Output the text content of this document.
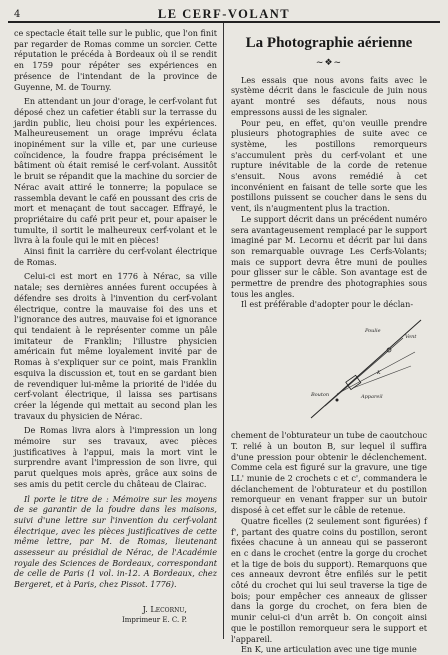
4	LE CERF-VOLANT

ce spectacle était telle sur le public, que l'on finit par regarder de Romas comme un sorcier. Cette réputation le précéda à Bordeaux où il se rendit en 1759 pour répéter ses expériences en présence de l'intendant de la province de Guyenne, M. de Tourny.

En attendant un jour d'orage, le cerf-volant fut déposé chez un cafetier établi sur la terrasse du jardin public, lieu choisi pour les expériences. Malheureusement un orage imprévu éclata inopinément sur la ville et, par une curieuse coïncidence, la foudre frappa précisément le bâtiment où était remisé le cerf-volant. Aussitôt le bruit se répandit que la machine du sorcier de Nérac avait attiré le tonnerre; la populace se rassembla devant le café en poussant des cris de mort et menaçant de tout saccager. Effrayé, le propriétaire du café prit peur et, pour apaiser le tumulte, il sortit le malheureux cerf-volant et le livra à la foule qui le mit en pièces!

Ainsi finit la carrière du cerf-volant électrique de Romas.

Celui-ci est mort en 1776 à Nérac, sa ville natale; ses dernières années furent occupées à défendre ses droits à l'invention du cerf-volant électrique, contre la mauvaise foi des uns et l'ignorance des autres, mauvaise foi et ignorance qui tendaient à le représenter comme un pâle imitateur de Franklin; l'illustre physicien américain fut même loyalement invité par de Romas à s'expliquer sur ce point, mais Franklin esquiva la discussion et, tout en se gardant bien de revendiquer lui-même la priorité de l'idée du cerf-volant électrique, il laissa ses partisans créer la légende qui mettait au second plan les travaux du physicien de Nérac.

De Romas livra alors à l'impression un long mémoire sur ses travaux, avec pièces justificatives à l'appui, mais la mort vint le surprendre avant l'impression de son livre, qui parut quelques mois après, grâce aux soins de ses amis du petit cercle du château de Clairac.

Il porte le titre de : Mémoire sur les moyens de se garantir de la foudre dans les maisons, suivi d'une lettre sur l'invention du cerf-volant électrique, avec les pièces justificatives de cette même lettre, par M. de Romas, lieutenant assesseur au présidial de Nérac, de l'Académie royale des Sciences de Bordeaux, correspondant de celle de Paris (1 vol. in-12. A Bordeaux, chez Bergeret, et à Paris, chez Pissot. 1776).

J. Lecornu,
Imprimeur E. C. P.
La Photographie aérienne
~❖~

Les essais que nous avons faits avec le système décrit dans le fascicule de juin nous ayant montré ses défauts, nous nous empressons aussi de les signaler.

Pour peu, en effet, qu'on veuille prendre plusieurs photographies de suite avec ce système, les postillons remorqueurs s'accumulent près du cerf-volant et une rupture inévitable de la corde de retenue s'ensuit. Nous avons remédié à cet inconvénient en faisant de telle sorte que les postillons puissent se coucher dans le sens du vent, ils n'augmentent plus la traction.

Le support décrit dans un précédent numéro sera avantageusement remplacé par le support imaginé par M. Lecornu et décrit par lui dans son remarquable ouvrage Les Cerfs-Volants; mais ce support devra être muni de poulies pour glisser sur le câble. Son avantage est de permettre de prendre des photographies sous tous les angles.

Il est préférable d'adopter pour le déclan-

Poulie
Vent
Bouton	Appareil
K

chement de l'obturateur un tube de caoutchouc T. relié à un bouton B, sur lequel il suffira d'une pression pour obtenir le déclenchement. Comme cela est figuré sur la gravure, une tige LL' munie de 2 crochets c et c', commandera le déclanchement de l'obturateur et du postillon remorqueur en venant frapper sur un butoir disposé à cet effet sur le câble de retenue.

Quatre ficelles (2 seulement sont figurées) f f', partant des quatre coins du postillon, seront fixées chacune à un anneau qui se passeront en c dans le crochet (entre la gorge du crochet et la tige de bois du support). Remarquons que ces anneaux devront être enfilés sur le petit côté du crochet qui lui seul traverse la tige de bois; pour empêcher ces anneaux de glisser dans la gorge du crochet, on fera bien de munir celui-ci d'un arrêt b. On conçoit ainsi que le postillon remorqueur sera le support et l'appareil.

En K, une articulation avec une tige munie
